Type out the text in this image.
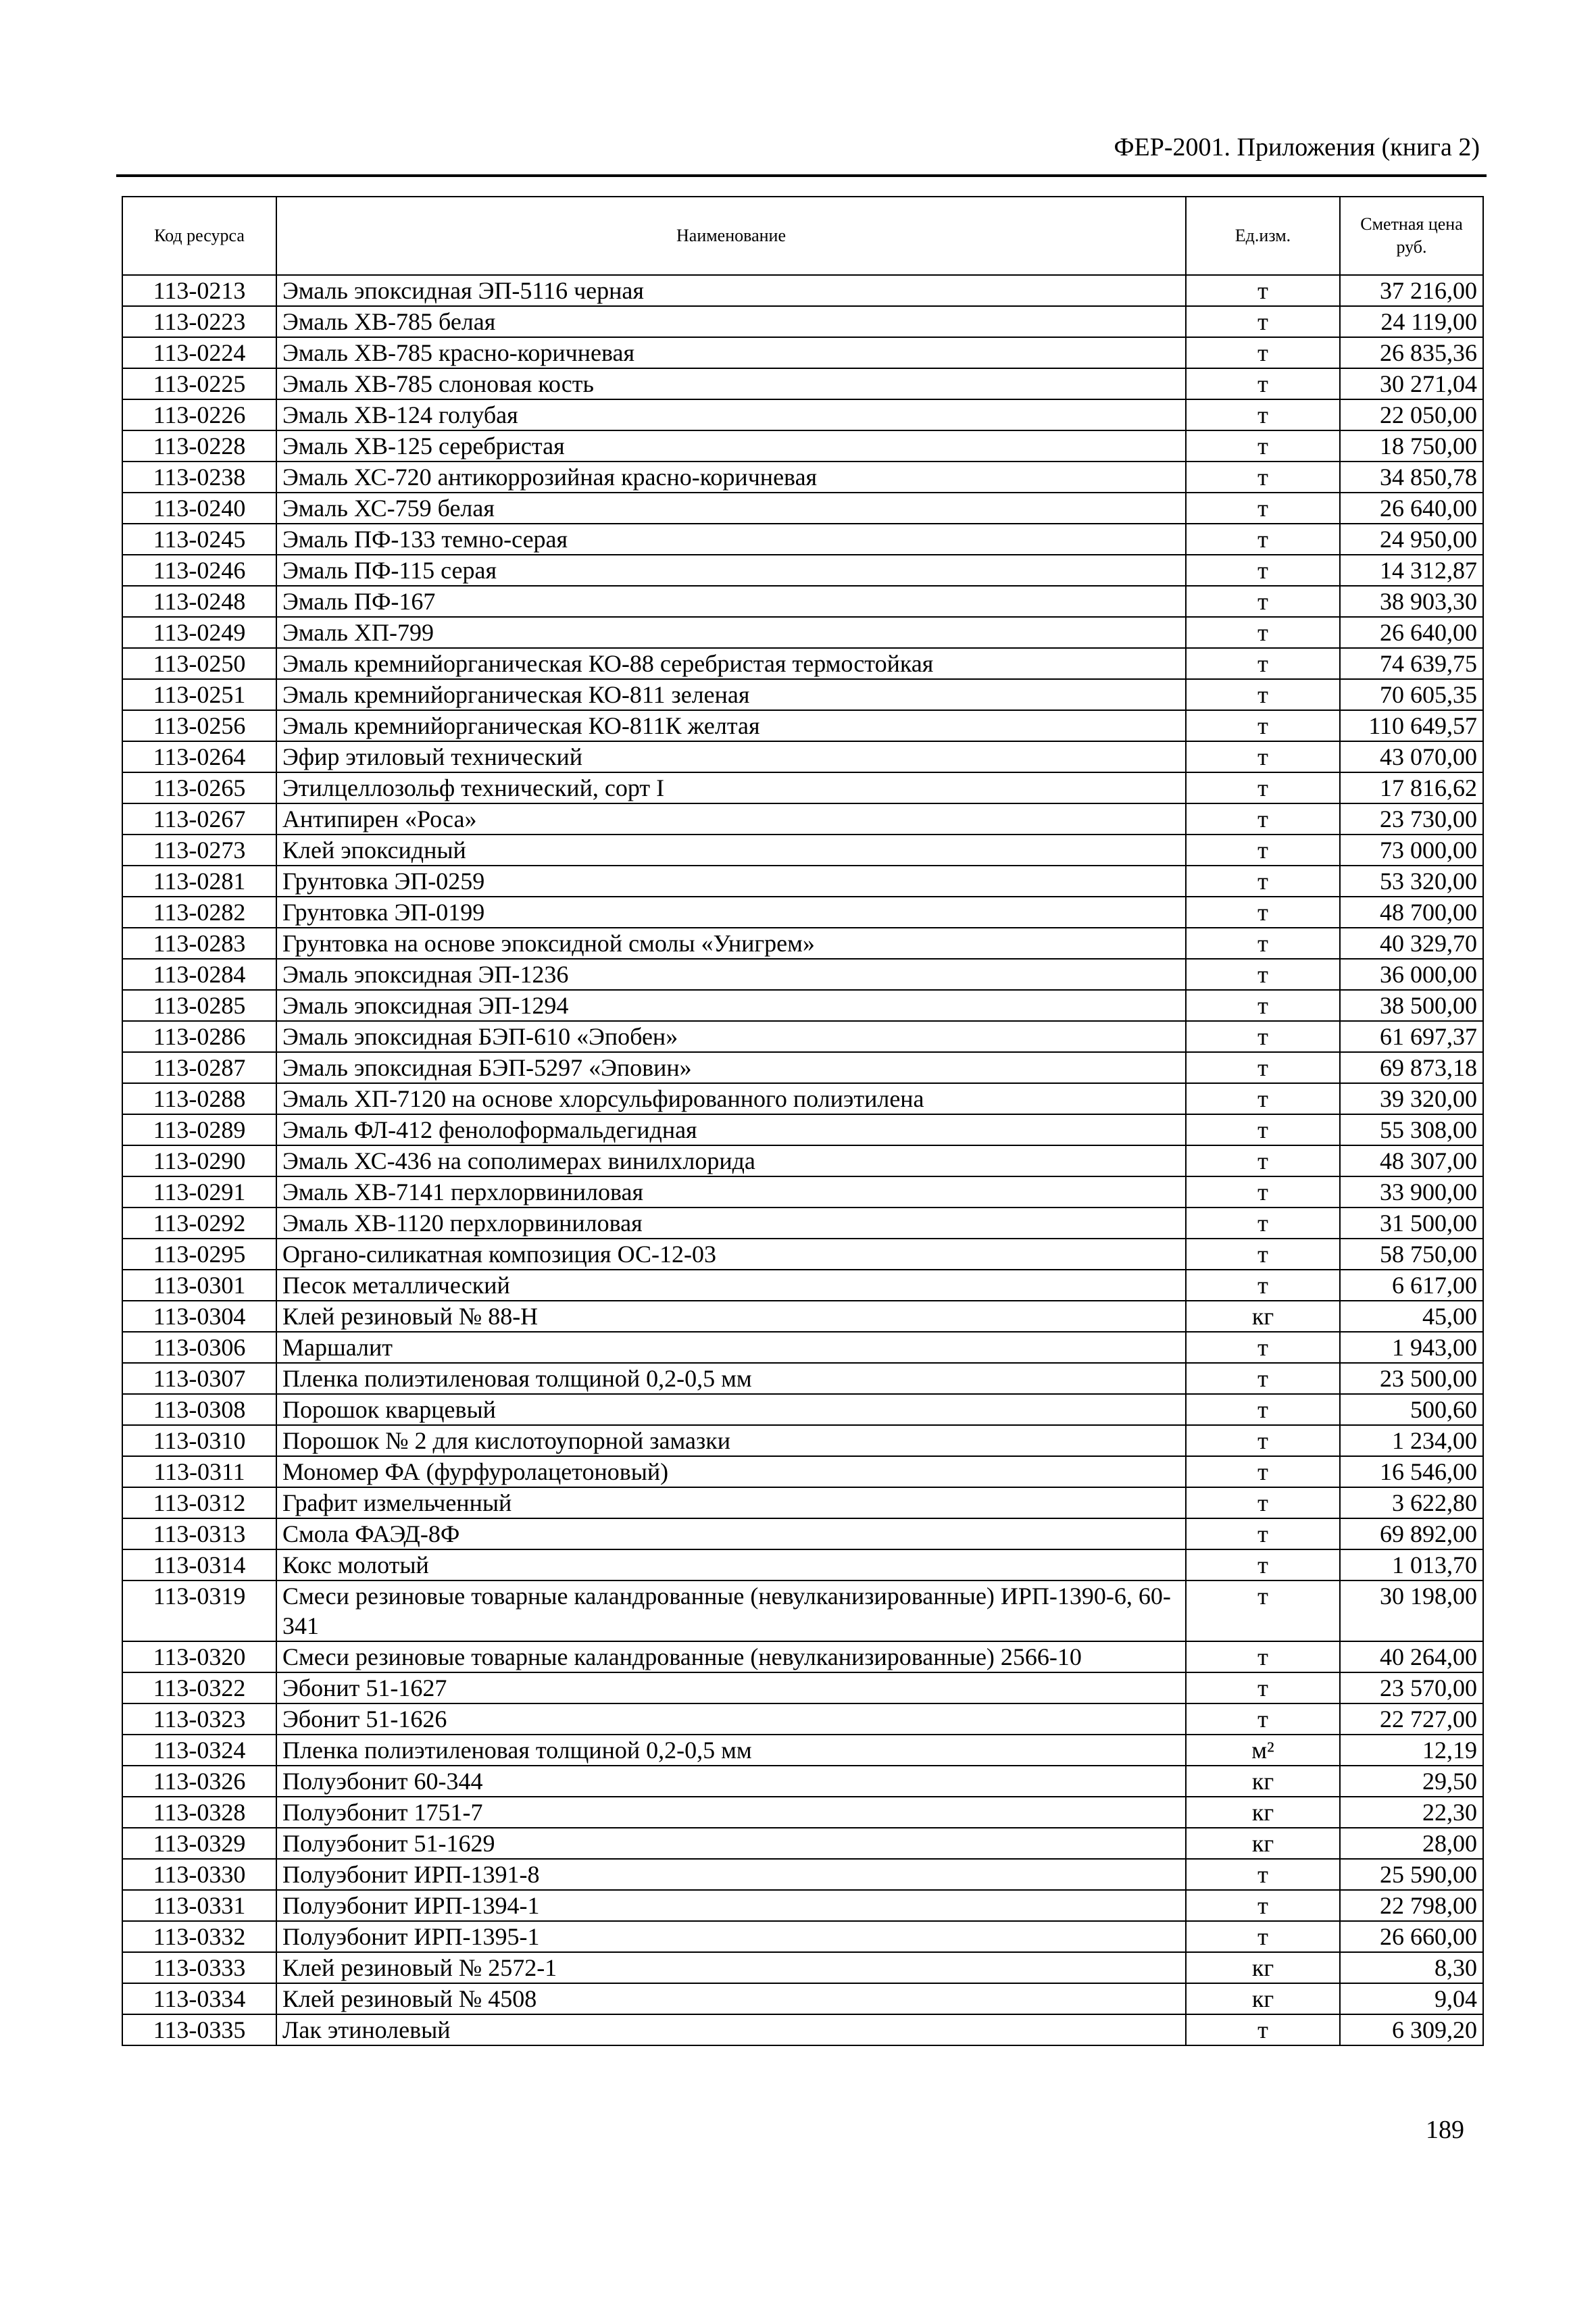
ФЕР-2001. Приложения (книга 2)
Код ресурса	Наименование	Ед.изм.	Сметная цена руб.
113-0213	Эмаль эпоксидная ЭП-5116 черная	т	37 216,00
113-0223	Эмаль ХВ-785 белая	т	24 119,00
113-0224	Эмаль ХВ-785 красно-коричневая	т	26 835,36
113-0225	Эмаль ХВ-785 слоновая кость	т	30 271,04
113-0226	Эмаль ХВ-124 голубая	т	22 050,00
113-0228	Эмаль ХВ-125 серебристая	т	18 750,00
113-0238	Эмаль ХС-720 антикоррозийная красно-коричневая	т	34 850,78
113-0240	Эмаль ХС-759 белая	т	26 640,00
113-0245	Эмаль ПФ-133 темно-серая	т	24 950,00
113-0246	Эмаль ПФ-115 серая	т	14 312,87
113-0248	Эмаль ПФ-167	т	38 903,30
113-0249	Эмаль ХП-799	т	26 640,00
113-0250	Эмаль кремнийорганическая КО-88 серебристая термостойкая	т	74 639,75
113-0251	Эмаль кремнийорганическая КО-811 зеленая	т	70 605,35
113-0256	Эмаль кремнийорганическая КО-811К желтая	т	110 649,57
113-0264	Эфир этиловый технический	т	43 070,00
113-0265	Этилцеллозольф технический, сорт I	т	17 816,62
113-0267	Антипирен «Роса»	т	23 730,00
113-0273	Клей эпоксидный	т	73 000,00
113-0281	Грунтовка ЭП-0259	т	53 320,00
113-0282	Грунтовка ЭП-0199	т	48 700,00
113-0283	Грунтовка на основе эпоксидной смолы «Унигрем»	т	40 329,70
113-0284	Эмаль эпоксидная ЭП-1236	т	36 000,00
113-0285	Эмаль эпоксидная ЭП-1294	т	38 500,00
113-0286	Эмаль эпоксидная БЭП-610 «Эпобен»	т	61 697,37
113-0287	Эмаль эпоксидная БЭП-5297 «Эповин»	т	69 873,18
113-0288	Эмаль ХП-7120 на основе хлорсульфированного полиэтилена	т	39 320,00
113-0289	Эмаль ФЛ-412 фенолоформальдегидная	т	55 308,00
113-0290	Эмаль ХС-436 на сополимерах винилхлорида	т	48 307,00
113-0291	Эмаль ХВ-7141 перхлорвиниловая	т	33 900,00
113-0292	Эмаль ХВ-1120 перхлорвиниловая	т	31 500,00
113-0295	Органо-силикатная композиция ОС-12-03	т	58 750,00
113-0301	Песок металлический	т	6 617,00
113-0304	Клей резиновый № 88-Н	кг	45,00
113-0306	Маршалит	т	1 943,00
113-0307	Пленка полиэтиленовая толщиной 0,2-0,5 мм	т	23 500,00
113-0308	Порошок кварцевый	т	500,60
113-0310	Порошок № 2 для кислотоупорной замазки	т	1 234,00
113-0311	Мономер ФА (фурфуролацетоновый)	т	16 546,00
113-0312	Графит измельченный	т	3 622,80
113-0313	Смола ФАЭД-8Ф	т	69 892,00
113-0314	Кокс молотый	т	1 013,70
113-0319	Смеси резиновые товарные каландрованные (невулканизированные) ИРП-1390-6, 60-341	т	30 198,00
113-0320	Смеси резиновые товарные каландрованные (невулканизированные) 2566-10	т	40 264,00
113-0322	Эбонит 51-1627	т	23 570,00
113-0323	Эбонит 51-1626	т	22 727,00
113-0324	Пленка полиэтиленовая толщиной 0,2-0,5 мм	м²	12,19
113-0326	Полуэбонит 60-344	кг	29,50
113-0328	Полуэбонит 1751-7	кг	22,30
113-0329	Полуэбонит 51-1629	кг	28,00
113-0330	Полуэбонит ИРП-1391-8	т	25 590,00
113-0331	Полуэбонит ИРП-1394-1	т	22 798,00
113-0332	Полуэбонит ИРП-1395-1	т	26 660,00
113-0333	Клей резиновый № 2572-1	кг	8,30
113-0334	Клей резиновый № 4508	кг	9,04
113-0335	Лак этинолевый	т	6 309,20
189
